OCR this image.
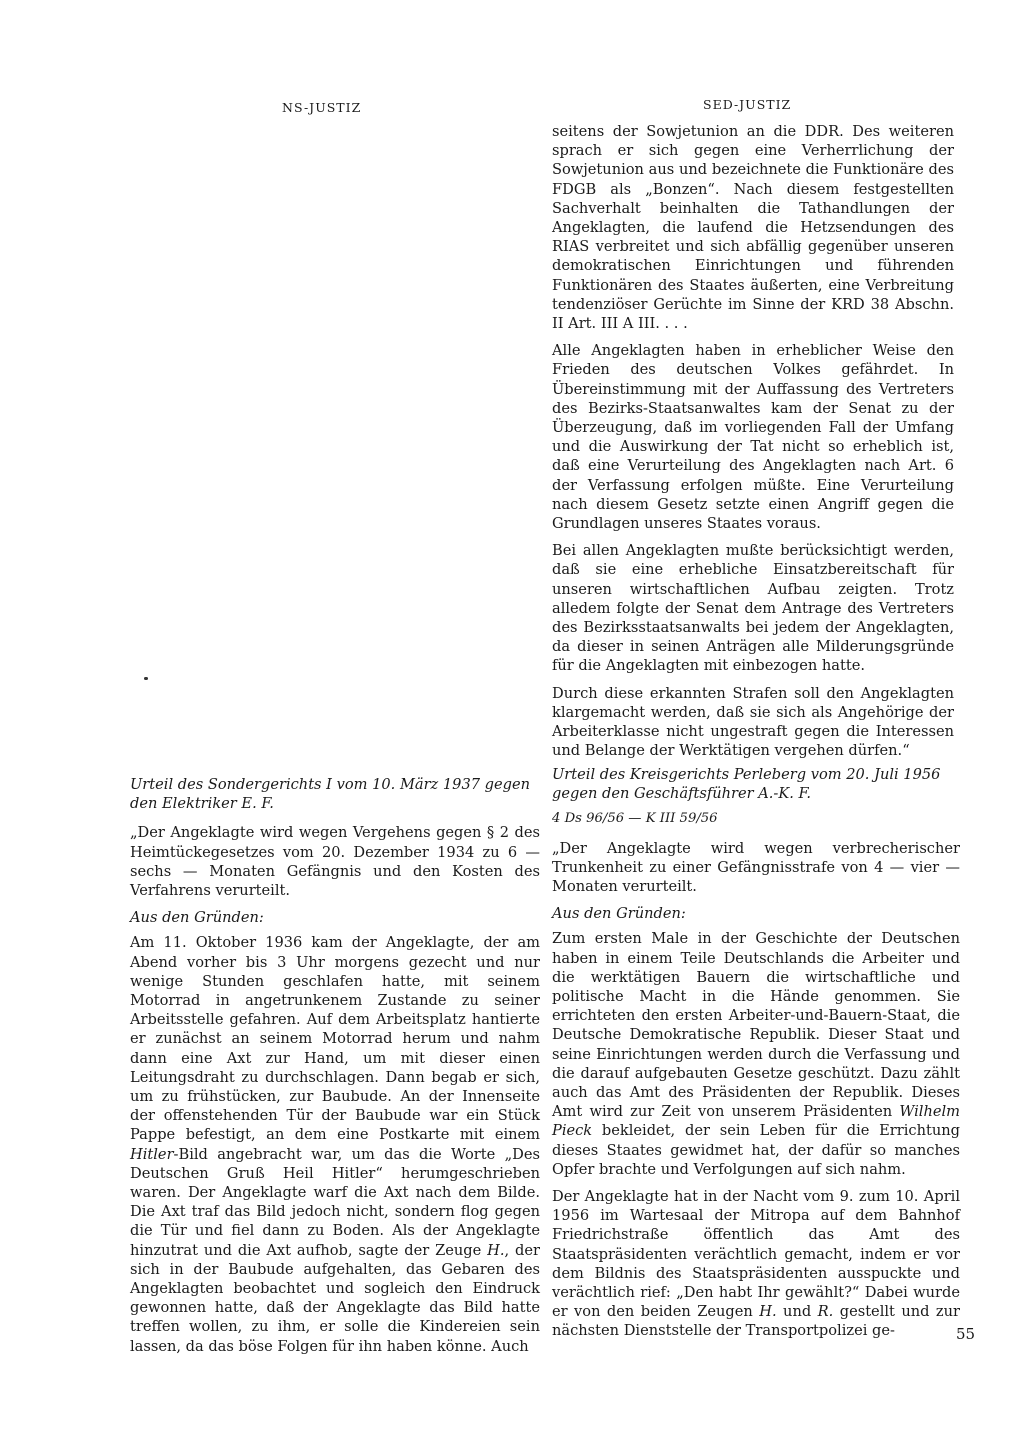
NS-JUSTIZ	SED-JUSTIZ

seitens der Sowjetunion an die DDR. Des weiteren sprach er sich gegen eine Verherrlichung der Sowjetunion aus und bezeichnete die Funktionäre des FDGB als „Bonzen“. Nach diesem festgestellten Sachverhalt beinhalten die Tathandlungen der Angeklagten, die laufend die Hetzsendungen des RIAS verbreitet und sich abfällig gegenüber unseren demokratischen Einrichtungen und führenden Funktionären des Staates äußerten, eine Verbreitung tendenziöser Gerüchte im Sinne der KRD 38 Abschn. II Art. III A III. . . .

Alle Angeklagten haben in erheblicher Weise den Frieden des deutschen Volkes gefährdet. In Übereinstimmung mit der Auffassung des Vertreters des Bezirks-Staatsanwaltes kam der Senat zu der Überzeugung, daß im vorliegenden Fall der Umfang und die Auswirkung der Tat nicht so erheblich ist, daß eine Verurteilung des Angeklagten nach Art. 6 der Verfassung erfolgen müßte. Eine Verurteilung nach diesem Gesetz setzte einen Angriff gegen die Grundlagen unseres Staates voraus.

Bei allen Angeklagten mußte berücksichtigt werden, daß sie eine erhebliche Einsatzbereitschaft für unseren wirtschaftlichen Aufbau zeigten. Trotz alledem folgte der Senat dem Antrage des Vertreters des Bezirksstaatsanwalts bei jedem der Angeklagten, da dieser in seinen Anträgen alle Milderungsgründe für die Angeklagten mit einbezogen hatte.

Durch diese erkannten Strafen soll den Angeklagten klargemacht werden, daß sie sich als Angehörige der Arbeiterklasse nicht ungestraft gegen die Interessen und Belange der Werktätigen vergehen dürfen.“

Urteil des Sondergerichts I vom 10. März 1937 gegen den Elektriker E. F.

„Der Angeklagte wird wegen Vergehens gegen § 2 des Heimtückegesetzes vom 20. Dezember 1934 zu 6 — sechs — Monaten Gefängnis und den Kosten des Verfahrens verurteilt.

Aus den Gründen:

Am 11. Oktober 1936 kam der Angeklagte, der am Abend vorher bis 3 Uhr morgens gezecht und nur wenige Stunden geschlafen hatte, mit seinem Motorrad in angetrunkenem Zustande zu seiner Arbeitsstelle gefahren. Auf dem Arbeitsplatz hantierte er zunächst an seinem Motorrad herum und nahm dann eine Axt zur Hand, um mit dieser einen Leitungsdraht zu durchschlagen. Dann begab er sich, um zu frühstücken, zur Baubude. An der Innenseite der offenstehenden Tür der Baubude war ein Stück Pappe befestigt, an dem eine Postkarte mit einem Hitler-Bild angebracht war, um das die Worte „Des Deutschen Gruß Heil Hitler“ herumgeschrieben waren. Der Angeklagte warf die Axt nach dem Bilde. Die Axt traf das Bild jedoch nicht, sondern flog gegen die Tür und fiel dann zu Boden. Als der Angeklagte hinzutrat und die Axt aufhob, sagte der Zeuge H., der sich in der Baubude aufgehalten, das Gebaren des Angeklagten beobachtet und sogleich den Eindruck gewonnen hatte, daß der Angeklagte das Bild hatte treffen wollen, zu ihm, er solle die Kindereien sein lassen, da das böse Folgen für ihn haben könne. Auch

Urteil des Kreisgerichts Perleberg vom 20. Juli 1956 gegen den Geschäftsführer A.-K. F.

4 Ds 96/56 — K III 59/56

„Der Angeklagte wird wegen verbrecherischer Trunkenheit zu einer Gefängnisstrafe von 4 — vier — Monaten verurteilt.

Aus den Gründen:

Zum ersten Male in der Geschichte der Deutschen haben in einem Teile Deutschlands die Arbeiter und die werktätigen Bauern die wirtschaftliche und politische Macht in die Hände genommen. Sie errichteten den ersten Arbeiter-und-Bauern-Staat, die Deutsche Demokratische Republik. Dieser Staat und seine Einrichtungen werden durch die Verfassung und die darauf aufgebauten Gesetze geschützt. Dazu zählt auch das Amt des Präsidenten der Republik. Dieses Amt wird zur Zeit von unserem Präsidenten Wilhelm Pieck bekleidet, der sein Leben für die Errichtung dieses Staates gewidmet hat, der dafür so manches Opfer brachte und Verfolgungen auf sich nahm.

Der Angeklagte hat in der Nacht vom 9. zum 10. April 1956 im Wartesaal der Mitropa auf dem Bahnhof Friedrichstraße öffentlich das Amt des Staatspräsidenten verächtlich gemacht, indem er vor dem Bildnis des Staatspräsidenten ausspuckte und verächtlich rief: „Den habt Ihr gewählt?“ Dabei wurde er von den beiden Zeugen H. und R. gestellt und zur nächsten Dienststelle der Transportpolizei ge-	55
